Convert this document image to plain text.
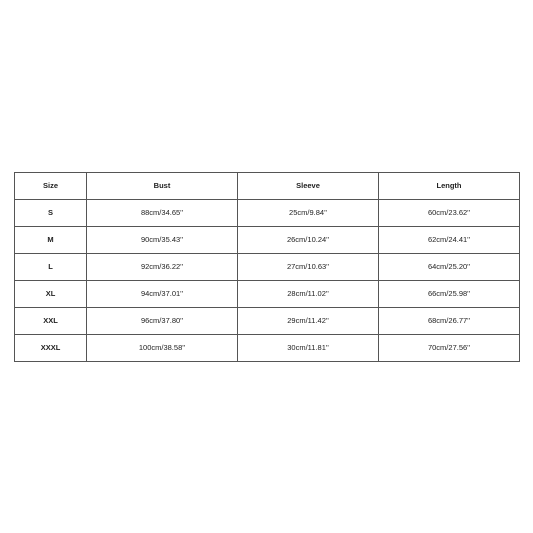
Size	Bust	Sleeve	Length
S	88cm/34.65''	25cm/9.84''	60cm/23.62''
M	90cm/35.43''	26cm/10.24''	62cm/24.41''
L	92cm/36.22''	27cm/10.63''	64cm/25.20''
XL	94cm/37.01''	28cm/11.02''	66cm/25.98''
XXL	96cm/37.80''	29cm/11.42''	68cm/26.77''
XXXL	100cm/38.58''	30cm/11.81''	70cm/27.56''
